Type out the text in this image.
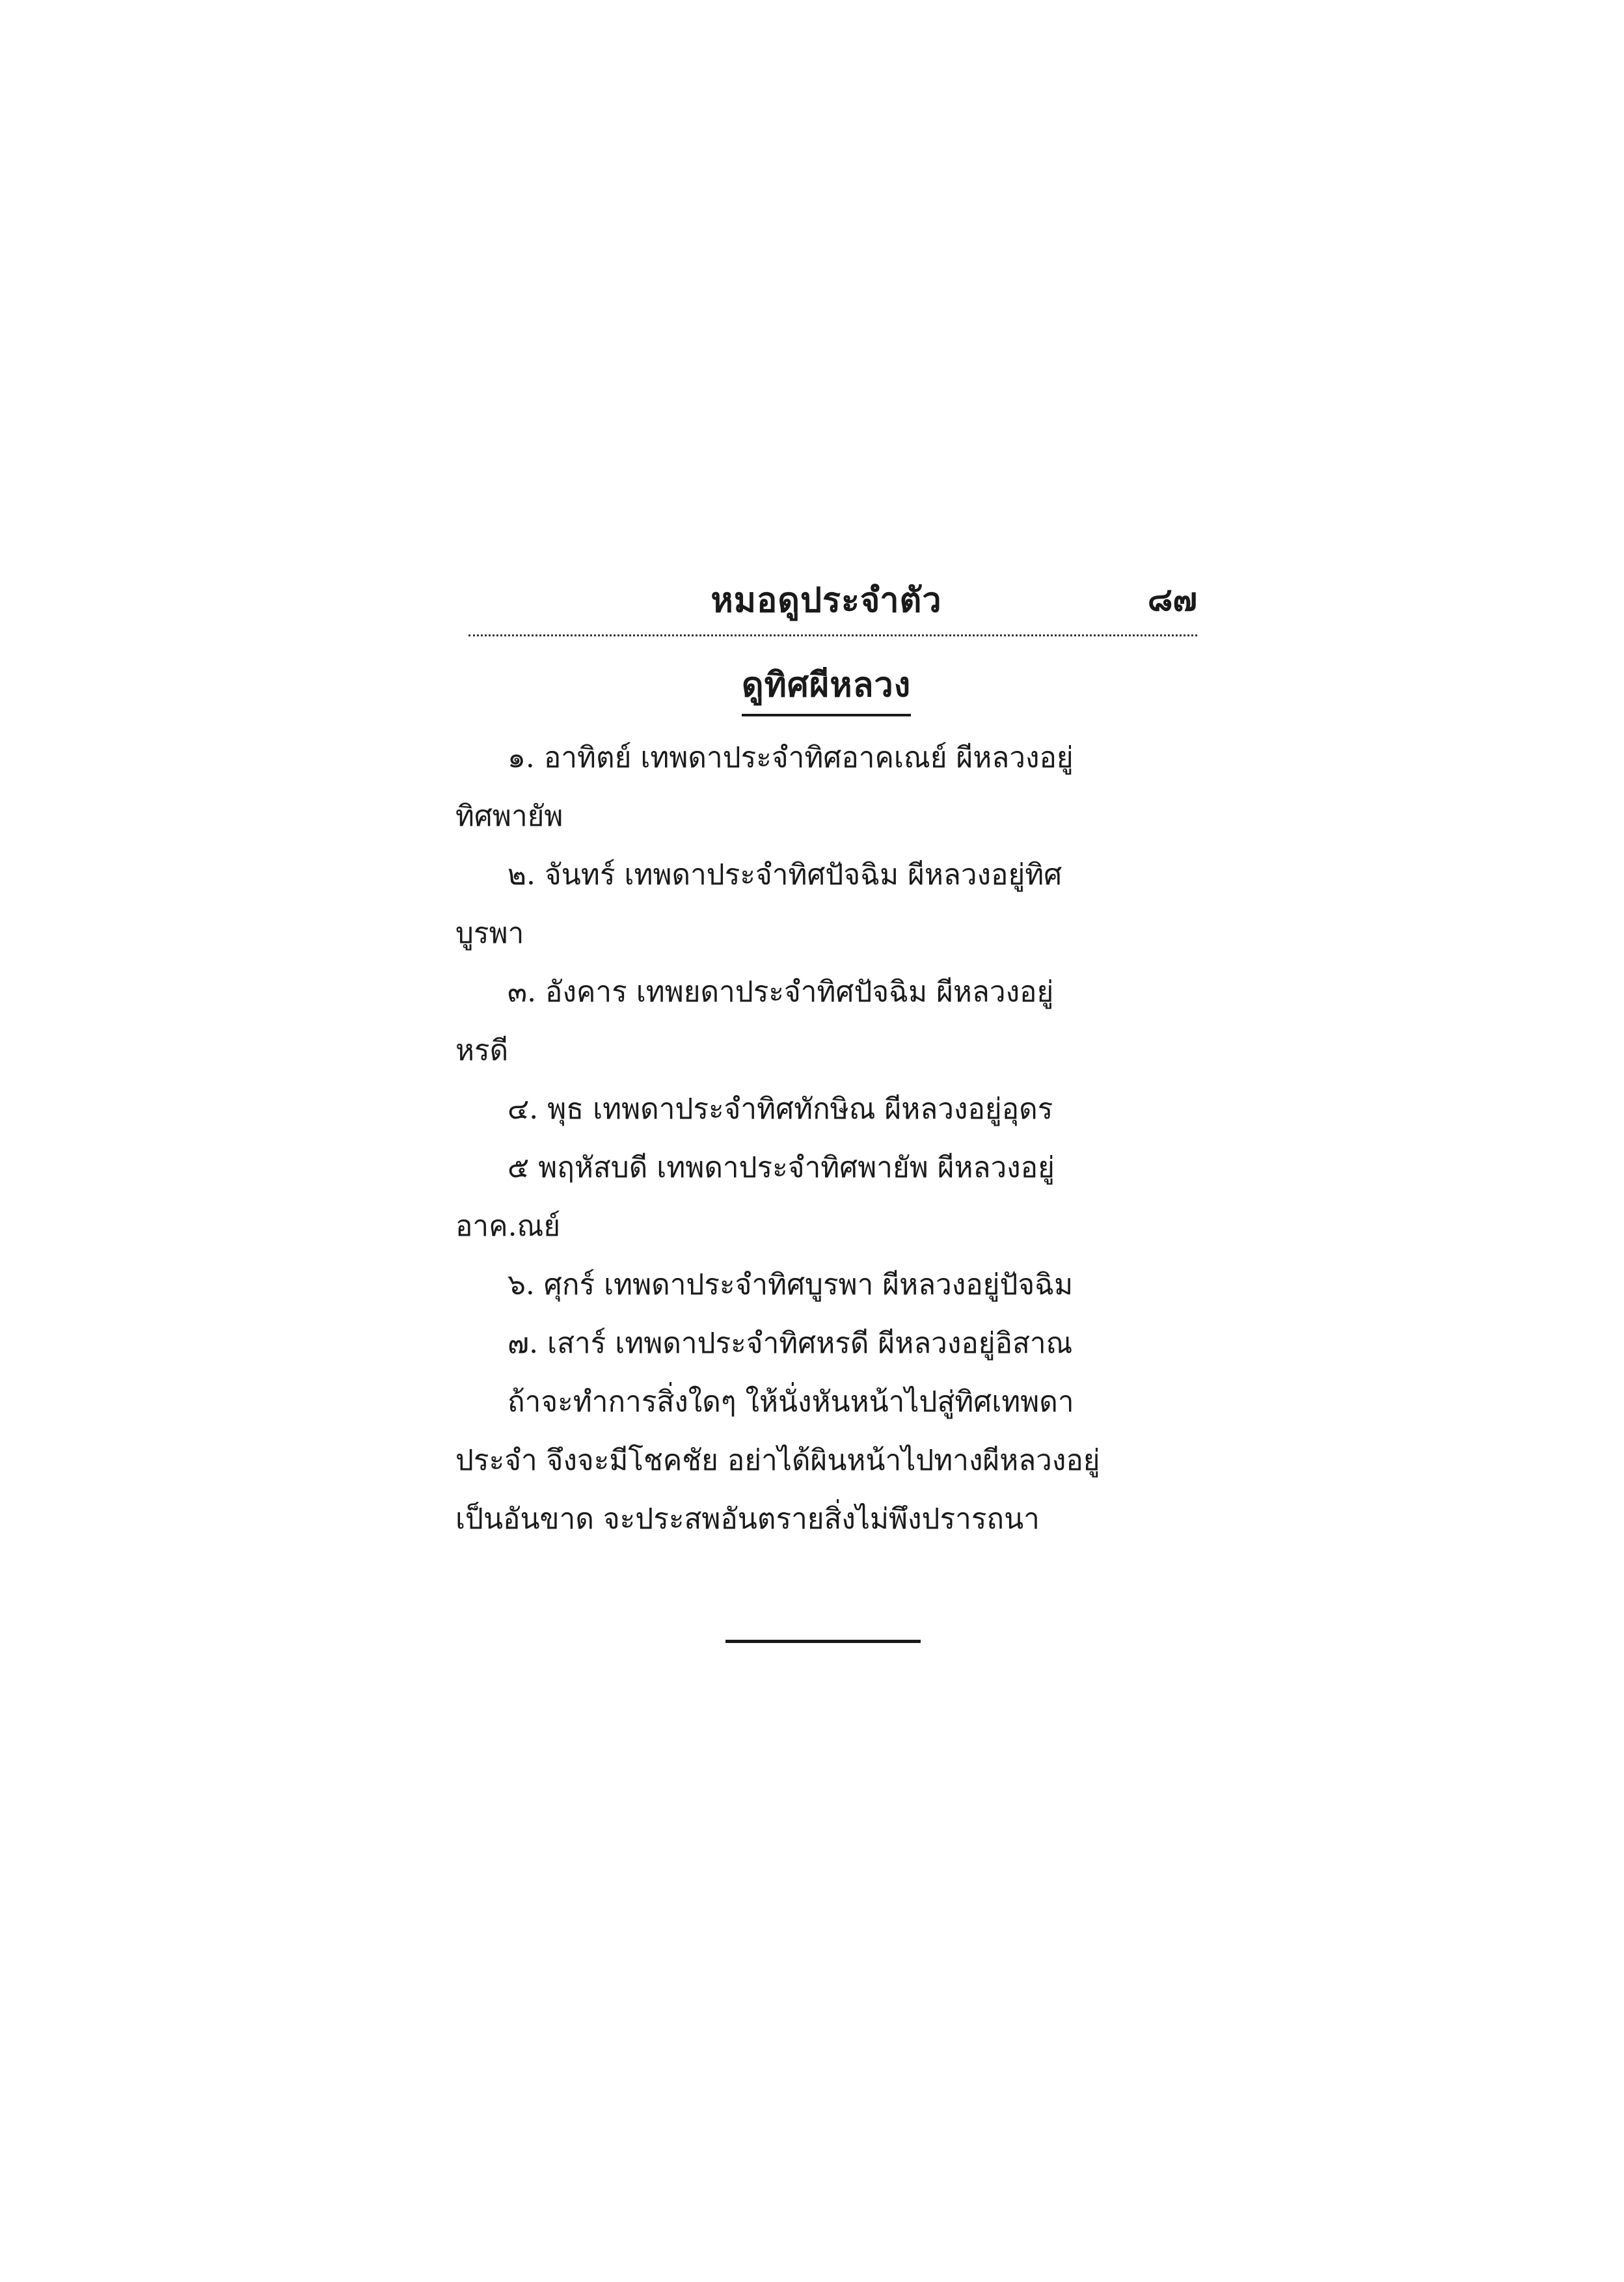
หมอดูประจำตัว	๘๗
ดูทิศผีหลวง
๑. อาทิตย์ เทพดาประจำทิศอาคเณย์ ผีหลวงอยู่
ทิศพายัพ
๒. จันทร์ เทพดาประจำทิศปัจฉิม ผีหลวงอยู่ทิศ
บูรพา
๓. อังคาร เทพยดาประจำทิศปัจฉิม ผีหลวงอยู่
หรดี
๔. พุธ เทพดาประจำทิศทักษิณ ผีหลวงอยู่อุดร
๕ พฤหัสบดี เทพดาประจำทิศพายัพ ผีหลวงอยู่
อาค.ณย์
๖. ศุกร์ เทพดาประจำทิศบูรพา ผีหลวงอยู่ปัจฉิม
๗. เสาร์ เทพดาประจำทิศหรดี ผีหลวงอยู่อิสาณ
ถ้าจะทำการสิ่งใดๆ ให้นั่งหันหน้าไปสู่ทิศเทพดา
ประจำ จึงจะมีโชคชัย อย่าได้ผินหน้าไปทางผีหลวงอยู่
เป็นอันขาด จะประสพอันตรายสิ่งไม่พึงปรารถนา
